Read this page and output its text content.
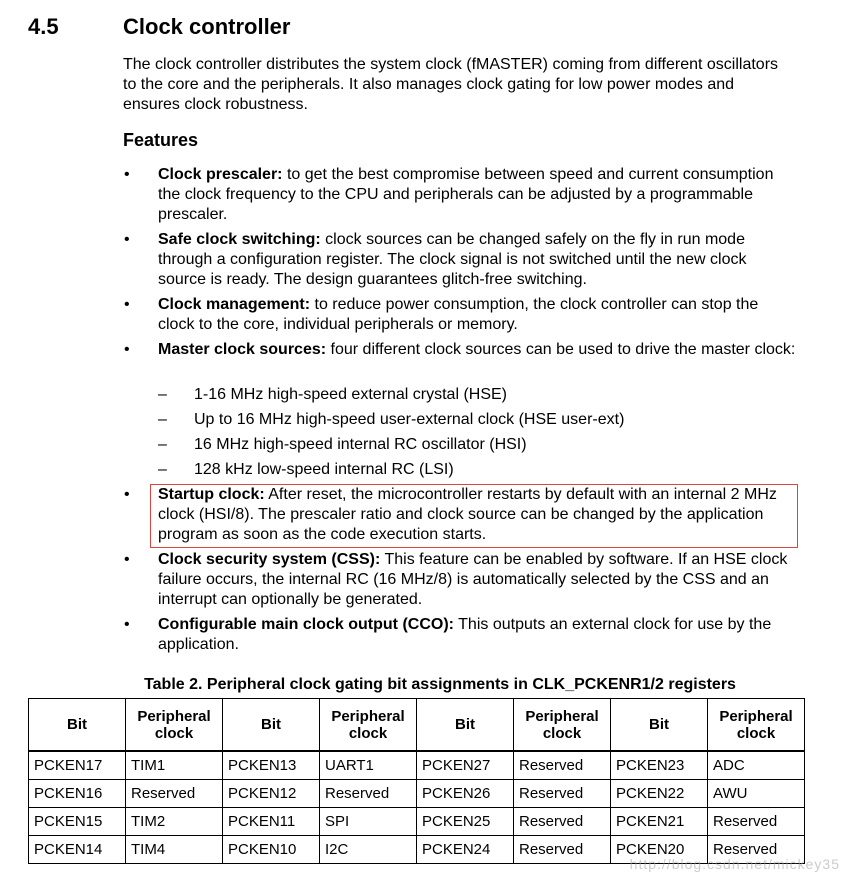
4.5	Clock controller

The clock controller distributes the system clock (fMASTER) coming from different oscillators to the core and the peripherals. It also manages clock gating for low power modes and ensures clock robustness.

Features
• Clock prescaler: to get the best compromise between speed and current consumption the clock frequency to the CPU and peripherals can be adjusted by a programmable prescaler.
• Safe clock switching: clock sources can be changed safely on the fly in run mode through a configuration register. The clock signal is not switched until the new clock source is ready. The design guarantees glitch-free switching.
• Clock management: to reduce power consumption, the clock controller can stop the clock to the core, individual peripherals or memory.
• Master clock sources: four different clock sources can be used to drive the master clock:
– 1-16 MHz high-speed external crystal (HSE)
– Up to 16 MHz high-speed user-external clock (HSE user-ext)
– 16 MHz high-speed internal RC oscillator (HSI)
– 128 kHz low-speed internal RC (LSI)
• Startup clock: After reset, the microcontroller restarts by default with an internal 2 MHz clock (HSI/8). The prescaler ratio and clock source can be changed by the application program as soon as the code execution starts.
• Clock security system (CSS): This feature can be enabled by software. If an HSE clock failure occurs, the internal RC (16 MHz/8) is automatically selected by the CSS and an interrupt can optionally be generated.
• Configurable main clock output (CCO): This outputs an external clock for use by the application.
Table 2. Peripheral clock gating bit assignments in CLK_PCKENR1/2 registers
Bit	Peripheral clock	Bit	Peripheral clock	Bit	Peripheral clock	Bit	Peripheral clock
PCKEN17	TIM1	PCKEN13	UART1	PCKEN27	Reserved	PCKEN23	ADC
PCKEN16	Reserved	PCKEN12	Reserved	PCKEN26	Reserved	PCKEN22	AWU
PCKEN15	TIM2	PCKEN11	SPI	PCKEN25	Reserved	PCKEN21	Reserved
PCKEN14	TIM4	PCKEN10	I2C	PCKEN24	Reserved	PCKEN20	Reserved
http://blog.csdn.net/mickey35
